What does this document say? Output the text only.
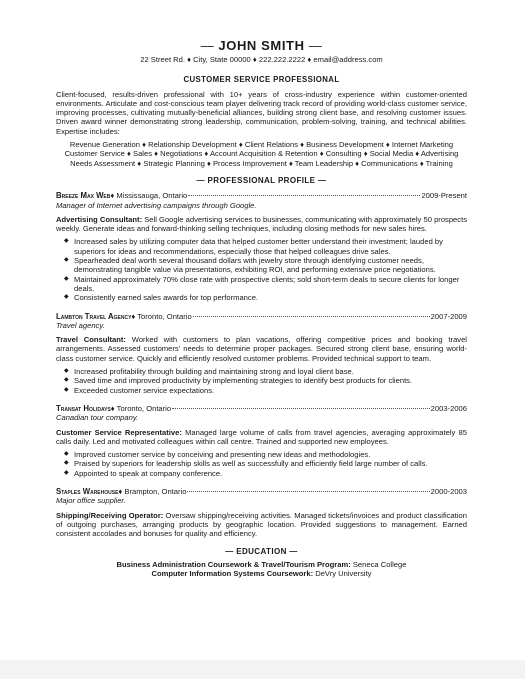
— JOHN SMITH —
22 Street Rd. ♦ City, State 00000 ♦ 222.222.2222 ♦ email@address.com
CUSTOMER SERVICE PROFESSIONAL
Client-focused, results-driven professional with 10+ years of cross-industry experience within customer-oriented environments. Articulate and cost-conscious team player delivering track record of providing world-class customer service, improving processes, cultivating mutually-beneficial alliances, building strong client base, and resolving customer issues. Driven award winner demonstrating strong leadership, communication, problem-solving, training, and technical abilities. Expertise includes:
Revenue Generation ♦ Relationship Development ♦ Client Relations ♦ Business Development ♦ Internet Marketing
Customer Service ♦ Sales ♦ Negotiations ♦ Account Acquisition & Retention ♦ Consulting ♦ Social Media ♦ Advertising
Needs Assessment ♦ Strategic Planning ♦ Process Improvement ♦ Team Leadership ♦ Communications ♦ Training
— PROFESSIONAL PROFILE —
Breeze Max Web ♦ Mississauga, Ontario	2009-Present
Manager of Internet advertising campaigns through Google.
Advertising Consultant: Sell Google advertising services to businesses, communicating with approximately 50 prospects weekly. Generate ideas and forward-thinking selling techniques, including closing methods for new sales hires.
◆ Increased sales by utilizing computer data that helped customer better understand their investment; lauded by superiors for ideas and recommendations, especially those that helped colleagues drive sales.
◆ Spearheaded deal worth several thousand dollars with jewelry store through identifying customer needs, demonstrating tangible value via presentations, exhibiting ROI, and performing extensive price negotiations.
◆ Maintained approximately 70% close rate with prospective clients; sold short-term deals to secure clients for longer deals.
◆ Consistently earned sales awards for top performance.
Lambton Travel Agency ♦ Toronto, Ontario	2007-2009
Travel agency.
Travel Consultant: Worked with customers to plan vacations, offering competitive prices and booking travel arrangements. Assessed customers' needs to determine proper packages. Secured strong client base, ensuring world-class customer service. Quickly and efficiently resolved customer problems. Provided technical support to team.
◆ Increased profitability through building and maintaining strong and loyal client base.
◆ Saved time and improved productivity by implementing strategies to identify best products for clients.
◆ Exceeded customer service expectations.
Transat Holidays ♦ Toronto, Ontario	2003-2006
Canadian tour company.
Customer Service Representative: Managed large volume of calls from travel agencies, averaging approximately 85 calls daily. Led and motivated colleagues within call centre. Trained and supported new employees.
◆ Improved customer service by conceiving and presenting new ideas and methodologies.
◆ Praised by superiors for leadership skills as well as successfully and efficiently field large number of calls.
◆ Appointed to speak at company conference.
Staples Warehouse ♦ Brampton, Ontario	2000-2003
Major office supplier.
Shipping/Receiving Operator: Oversaw shipping/receiving activities. Managed tickets/invoices and product classification of outgoing purchases, arranging products by geographic location. Provided suggestions to management. Earned consistent accolades and bonuses for quality and efficiency.
— EDUCATION —
Business Administration Coursework & Travel/Tourism Program: Seneca College
Computer Information Systems Coursework: DeVry University
